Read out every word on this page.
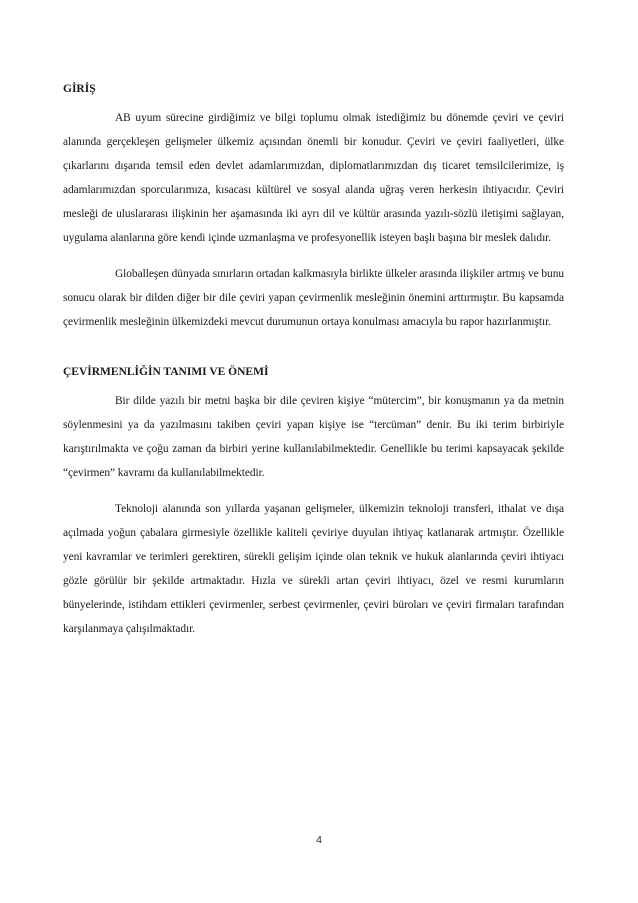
GİRİŞ

AB uyum sürecine girdiğimiz ve bilgi toplumu olmak istediğimiz bu dönemde çeviri ve çeviri alanında gerçekleşen gelişmeler ülkemiz açısından önemli bir konudur. Çeviri ve çeviri faaliyetleri, ülke çıkarlarını dışarıda temsil eden devlet adamlarımızdan, diplomatlarımızdan dış ticaret temsilcilerimize, iş adamlarımızdan sporcularımıza, kısacası kültürel ve sosyal alanda uğraş veren herkesin ihtiyacıdır. Çeviri mesleği de uluslararası ilişkinin her aşamasında iki ayrı dil ve kültür arasında yazılı-sözlü iletişimi sağlayan, uygulama alanlarına göre kendi içinde uzmanlaşma ve profesyonellik isteyen başlı başına bir meslek dalıdır.

Globalleşen dünyada sınırların ortadan kalkmasıyla birlikte ülkeler arasında ilişkiler artmış ve bunu sonucu olarak bir dilden diğer bir dile çeviri yapan çevirmenlik mesleğinin önemini arttırmıştır. Bu kapsamda çevirmenlik mesleğinin ülkemizdeki mevcut durumunun ortaya konulması amacıyla bu rapor hazırlanmıştır.

ÇEVİRMENLİĞİN TANIMI VE ÖNEMİ

Bir dilde yazılı bir metni başka bir dile çeviren kişiye “mütercim”, bir konuşmanın ya da metnin söylenmesini ya da yazılmasını takiben çeviri yapan kişiye ise “tercüman” denir. Bu iki terim birbiriyle karıştırılmakta ve çoğu zaman da birbiri yerine kullanılabilmektedir. Genellikle bu terimi kapsayacak şekilde “çevirmen” kavramı da kullanılabilmektedir.

Teknoloji alanında son yıllarda yaşanan gelişmeler, ülkemizin teknoloji transferi, ithalat ve dışa açılmada yoğun çabalara girmesiyle özellikle kaliteli çeviriye duyulan ihtiyaç katlanarak artmıştır. Özellikle yeni kavramlar ve terimleri gerektiren, sürekli gelişim içinde olan teknik ve hukuk alanlarında çeviri ihtiyacı gözle görülür bir şekilde artmaktadır. Hızla ve sürekli artan çeviri ihtiyacı, özel ve resmi kurumların bünyelerinde, istihdam ettikleri çevirmenler, serbest çevirmenler, çeviri büroları ve çeviri firmaları tarafından karşılanmaya çalışılmaktadır.

4
